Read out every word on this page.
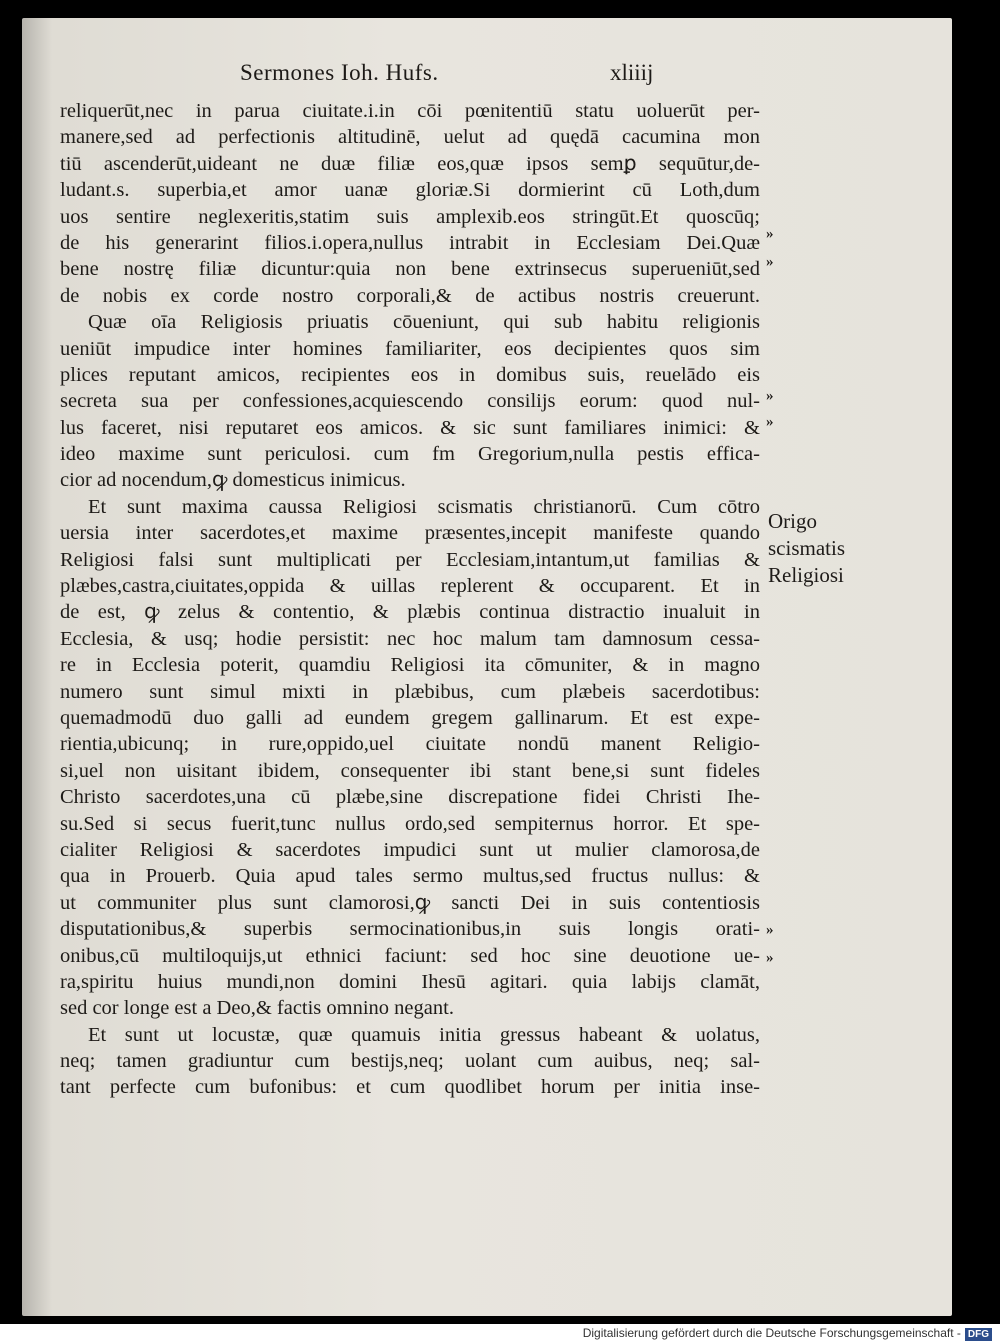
Sermones Ioh. Hufs.	xliiij
reliquerūt,nec in parua ciuitate.i.in cōi pœnitentiū statu uoluerūt per-
manere,sed ad perfectionis altitudinē, uelut ad quędā cacumina mon
tiū ascenderūt,uideant ne duæ filiæ eos,quæ ipsos semꝑ sequūtur,de-
ludant.s. superbia,et amor uanæ gloriæ.Si dormierint cū Loth,dum
uos sentire neglexeritis,statim suis amplexib.eos stringūt.Et quoscūq;
de his generarint filios.i.opera,nullus intrabit in Ecclesiam Dei.Quæ
bene nostrę filiæ dicuntur:quia non bene extrinsecus superueniūt,sed
de nobis ex corde nostro corporali,& de actibus nostris creuerunt.
Quæ oīa Religiosis priuatis cōueniunt, qui sub habitu religionis
ueniūt impudice inter homines familiariter, eos decipientes quos sim
plices reputant amicos, recipientes eos in domibus suis, reuelādo eis
secreta sua per confessiones,acquiescendo consilijs eorum: quod nul-
lus faceret, nisi reputaret eos amicos. & sic sunt familiares inimici: &
ideo maxime sunt periculosi. cum fm Gregorium,nulla pestis effica-
cior ad nocendum,ꝙ domesticus inimicus.
Et sunt maxima caussa Religiosi scismatis christianorū. Cum cōtro
uersia inter sacerdotes,et maxime præsentes,incepit manifeste quando
Religiosi falsi sunt multiplicati per Ecclesiam,intantum,ut familias &
plæbes,castra,ciuitates,oppida & uillas replerent & occuparent. Et in
de est, ꝙ zelus & contentio, & plæbis continua distractio inualuit in
Ecclesia, & usq; hodie persistit: nec hoc malum tam damnosum cessa-
re in Ecclesia poterit, quamdiu Religiosi ita cōmuniter, & in magno
numero sunt simul mixti in plæbibus, cum plæbeis sacerdotibus:
quemadmodū duo galli ad eundem gregem gallinarum. Et est expe-
rientia,ubicunq; in rure,oppido,uel ciuitate nondū manent Religio-
si,uel non uisitant ibidem, consequenter ibi stant bene,si sunt fideles
Christo sacerdotes,una cū plæbe,sine discrepatione fidei Christi Ihe-
su.Sed si secus fuerit,tunc nullus ordo,sed sempiternus horror. Et spe-
cialiter Religiosi & sacerdotes impudici sunt ut mulier clamorosa,de
qua in Prouerb. Quia apud tales sermo multus,sed fructus nullus: &
ut communiter plus sunt clamorosi,ꝙ sancti Dei in suis contentiosis
disputationibus,& superbis sermocinationibus,in suis longis orati-
onibus,cū multiloquijs,ut ethnici faciunt: sed hoc sine deuotione ue-
ra,spiritu huius mundi,non domini Ihesū agitari. quia labijs clamāt,
sed cor longe est a Deo,& factis omnino negant.
Et sunt ut locustæ, quæ quamuis initia gressus habeant & uolatus,
neq; tamen gradiuntur cum bestijs,neq; uolant cum auibus, neq; sal-
tant perfecte cum bufonibus: et cum quodlibet horum per initia inse-
Origo
scismatis
Religiosi
»
»
»
»
»
»
Digitalisierung gefördert durch die Deutsche Forschungsgemeinschaft - DFG
